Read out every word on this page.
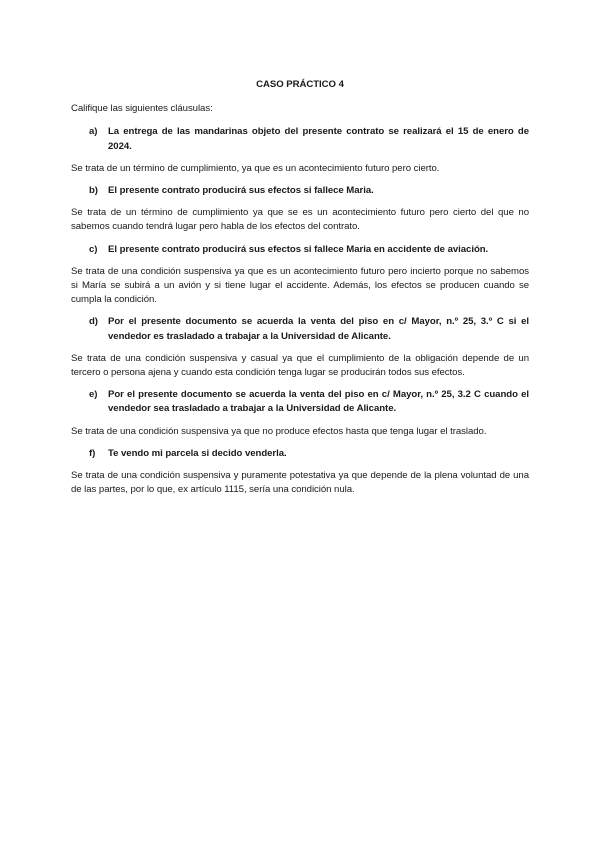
CASO PRÁCTICO 4
Califique las siguientes cláusulas:
a) La entrega de las mandarinas objeto del presente contrato se realizará el 15 de enero de 2024.
Se trata de un término de cumplimiento, ya que es un acontecimiento futuro pero cierto.
b) El presente contrato producirá sus efectos si fallece Maria.
Se trata de un término de cumplimiento ya que se es un acontecimiento futuro pero cierto del que no sabemos cuando tendrá lugar pero habla de los efectos del contrato.
c) El presente contrato producirá sus efectos si fallece Maria en accidente de aviación.
Se trata de una condición suspensiva ya que es un acontecimiento futuro pero incierto porque no sabemos si María se subirá a un avión y si tiene lugar el accidente. Además, los efectos se producen cuando se cumpla la condición.
d) Por el presente documento se acuerda la venta del piso en c/ Mayor, n.º 25, 3.º C si el vendedor es trasladado a trabajar a la Universidad de Alicante.
Se trata de una condición suspensiva y casual ya que el cumplimiento de la obligación depende de un tercero o persona ajena y cuando esta condición tenga lugar se producirán todos sus efectos.
e) Por el presente documento se acuerda la venta del piso en c/ Mayor, n.º 25, 3.2 C cuando el vendedor sea trasladado a trabajar a la Universidad de Alicante.
Se trata de una condición suspensiva ya que no produce efectos hasta que tenga lugar el traslado.
f) Te vendo mi parcela si decido venderla.
Se trata de una condición suspensiva y puramente potestativa ya que depende de la plena voluntad de una de las partes, por lo que, ex artículo 1115, sería una condición nula.
